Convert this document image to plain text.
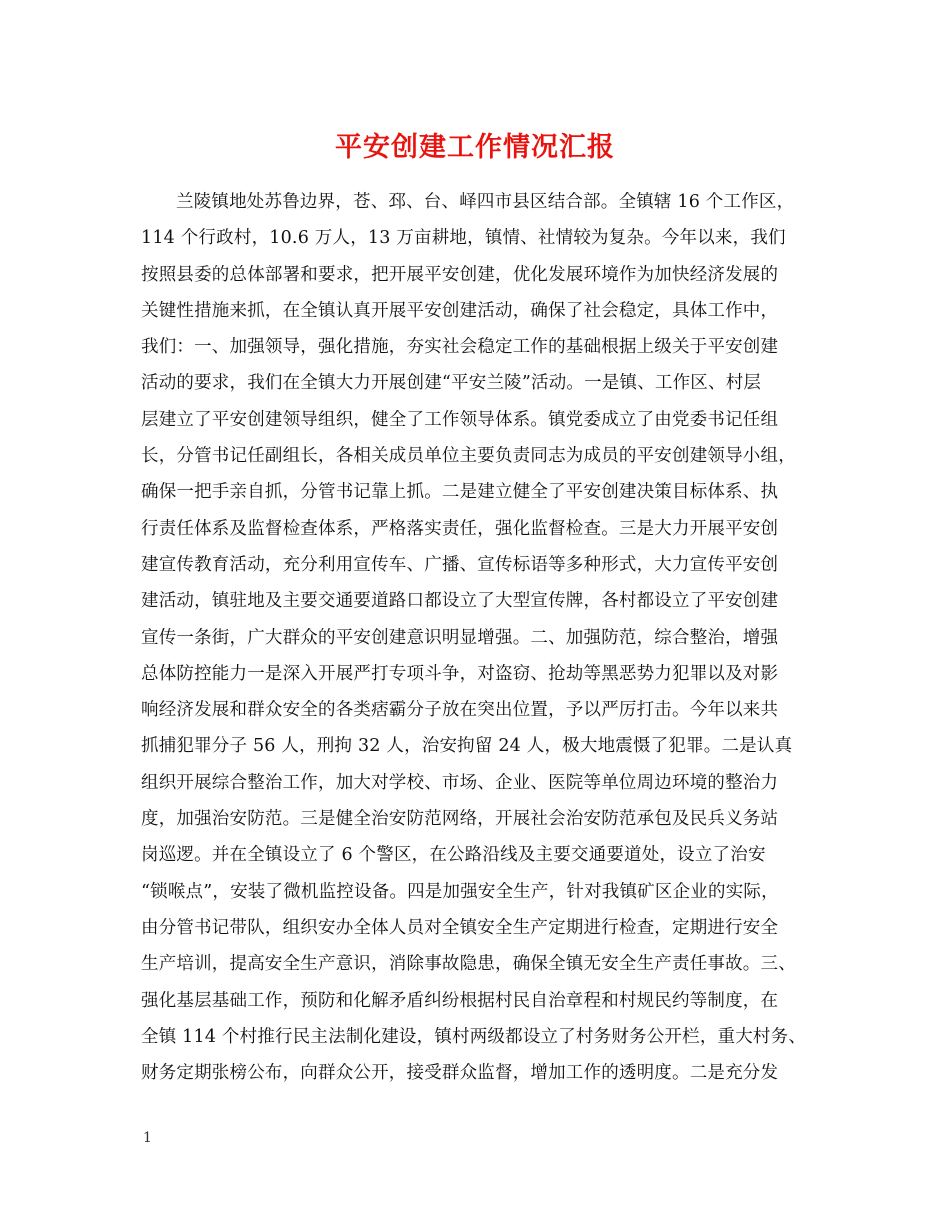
平安创建工作情况汇报
兰陵镇地处苏鲁边界，苍、邳、台、峄四市县区结合部。全镇辖 16 个工作区，
114 个行政村，10.6 万人，13 万亩耕地，镇情、社情较为复杂。今年以来，我们
按照县委的总体部署和要求，把开展平安创建，优化发展环境作为加快经济发展的
关键性措施来抓，在全镇认真开展平安创建活动，确保了社会稳定，具体工作中，
我们：一、加强领导，强化措施，夯实社会稳定工作的基础根据上级关于平安创建
活动的要求，我们在全镇大力开展创建“平安兰陵”活动。一是镇、工作区、村层
层建立了平安创建领导组织，健全了工作领导体系。镇党委成立了由党委书记任组
长，分管书记任副组长，各相关成员单位主要负责同志为成员的平安创建领导小组，
确保一把手亲自抓，分管书记靠上抓。二是建立健全了平安创建决策目标体系、执
行责任体系及监督检查体系，严格落实责任，强化监督检查。三是大力开展平安创
建宣传教育活动，充分利用宣传车、广播、宣传标语等多种形式，大力宣传平安创
建活动，镇驻地及主要交通要道路口都设立了大型宣传牌，各村都设立了平安创建
宣传一条街，广大群众的平安创建意识明显增强。二、加强防范，综合整治，增强
总体防控能力一是深入开展严打专项斗争，对盗窃、抢劫等黑恶势力犯罪以及对影
响经济发展和群众安全的各类痞霸分子放在突出位置，予以严厉打击。今年以来共
抓捕犯罪分子 56 人，刑拘 32 人，治安拘留 24 人，极大地震慑了犯罪。二是认真
组织开展综合整治工作，加大对学校、市场、企业、医院等单位周边环境的整治力
度，加强治安防范。三是健全治安防范网络，开展社会治安防范承包及民兵义务站
岗巡逻。并在全镇设立了 6 个警区，在公路沿线及主要交通要道处，设立了治安
“锁喉点”，安装了微机监控设备。四是加强安全生产，针对我镇矿区企业的实际，
由分管书记带队，组织安办全体人员对全镇安全生产定期进行检查，定期进行安全
生产培训，提高安全生产意识，消除事故隐患，确保全镇无安全生产责任事故。三、
强化基层基础工作，预防和化解矛盾纠纷根据村民自治章程和村规民约等制度，在
全镇 114 个村推行民主法制化建设，镇村两级都设立了村务财务公开栏，重大村务、
财务定期张榜公布，向群众公开，接受群众监督，增加工作的透明度。二是充分发
1
